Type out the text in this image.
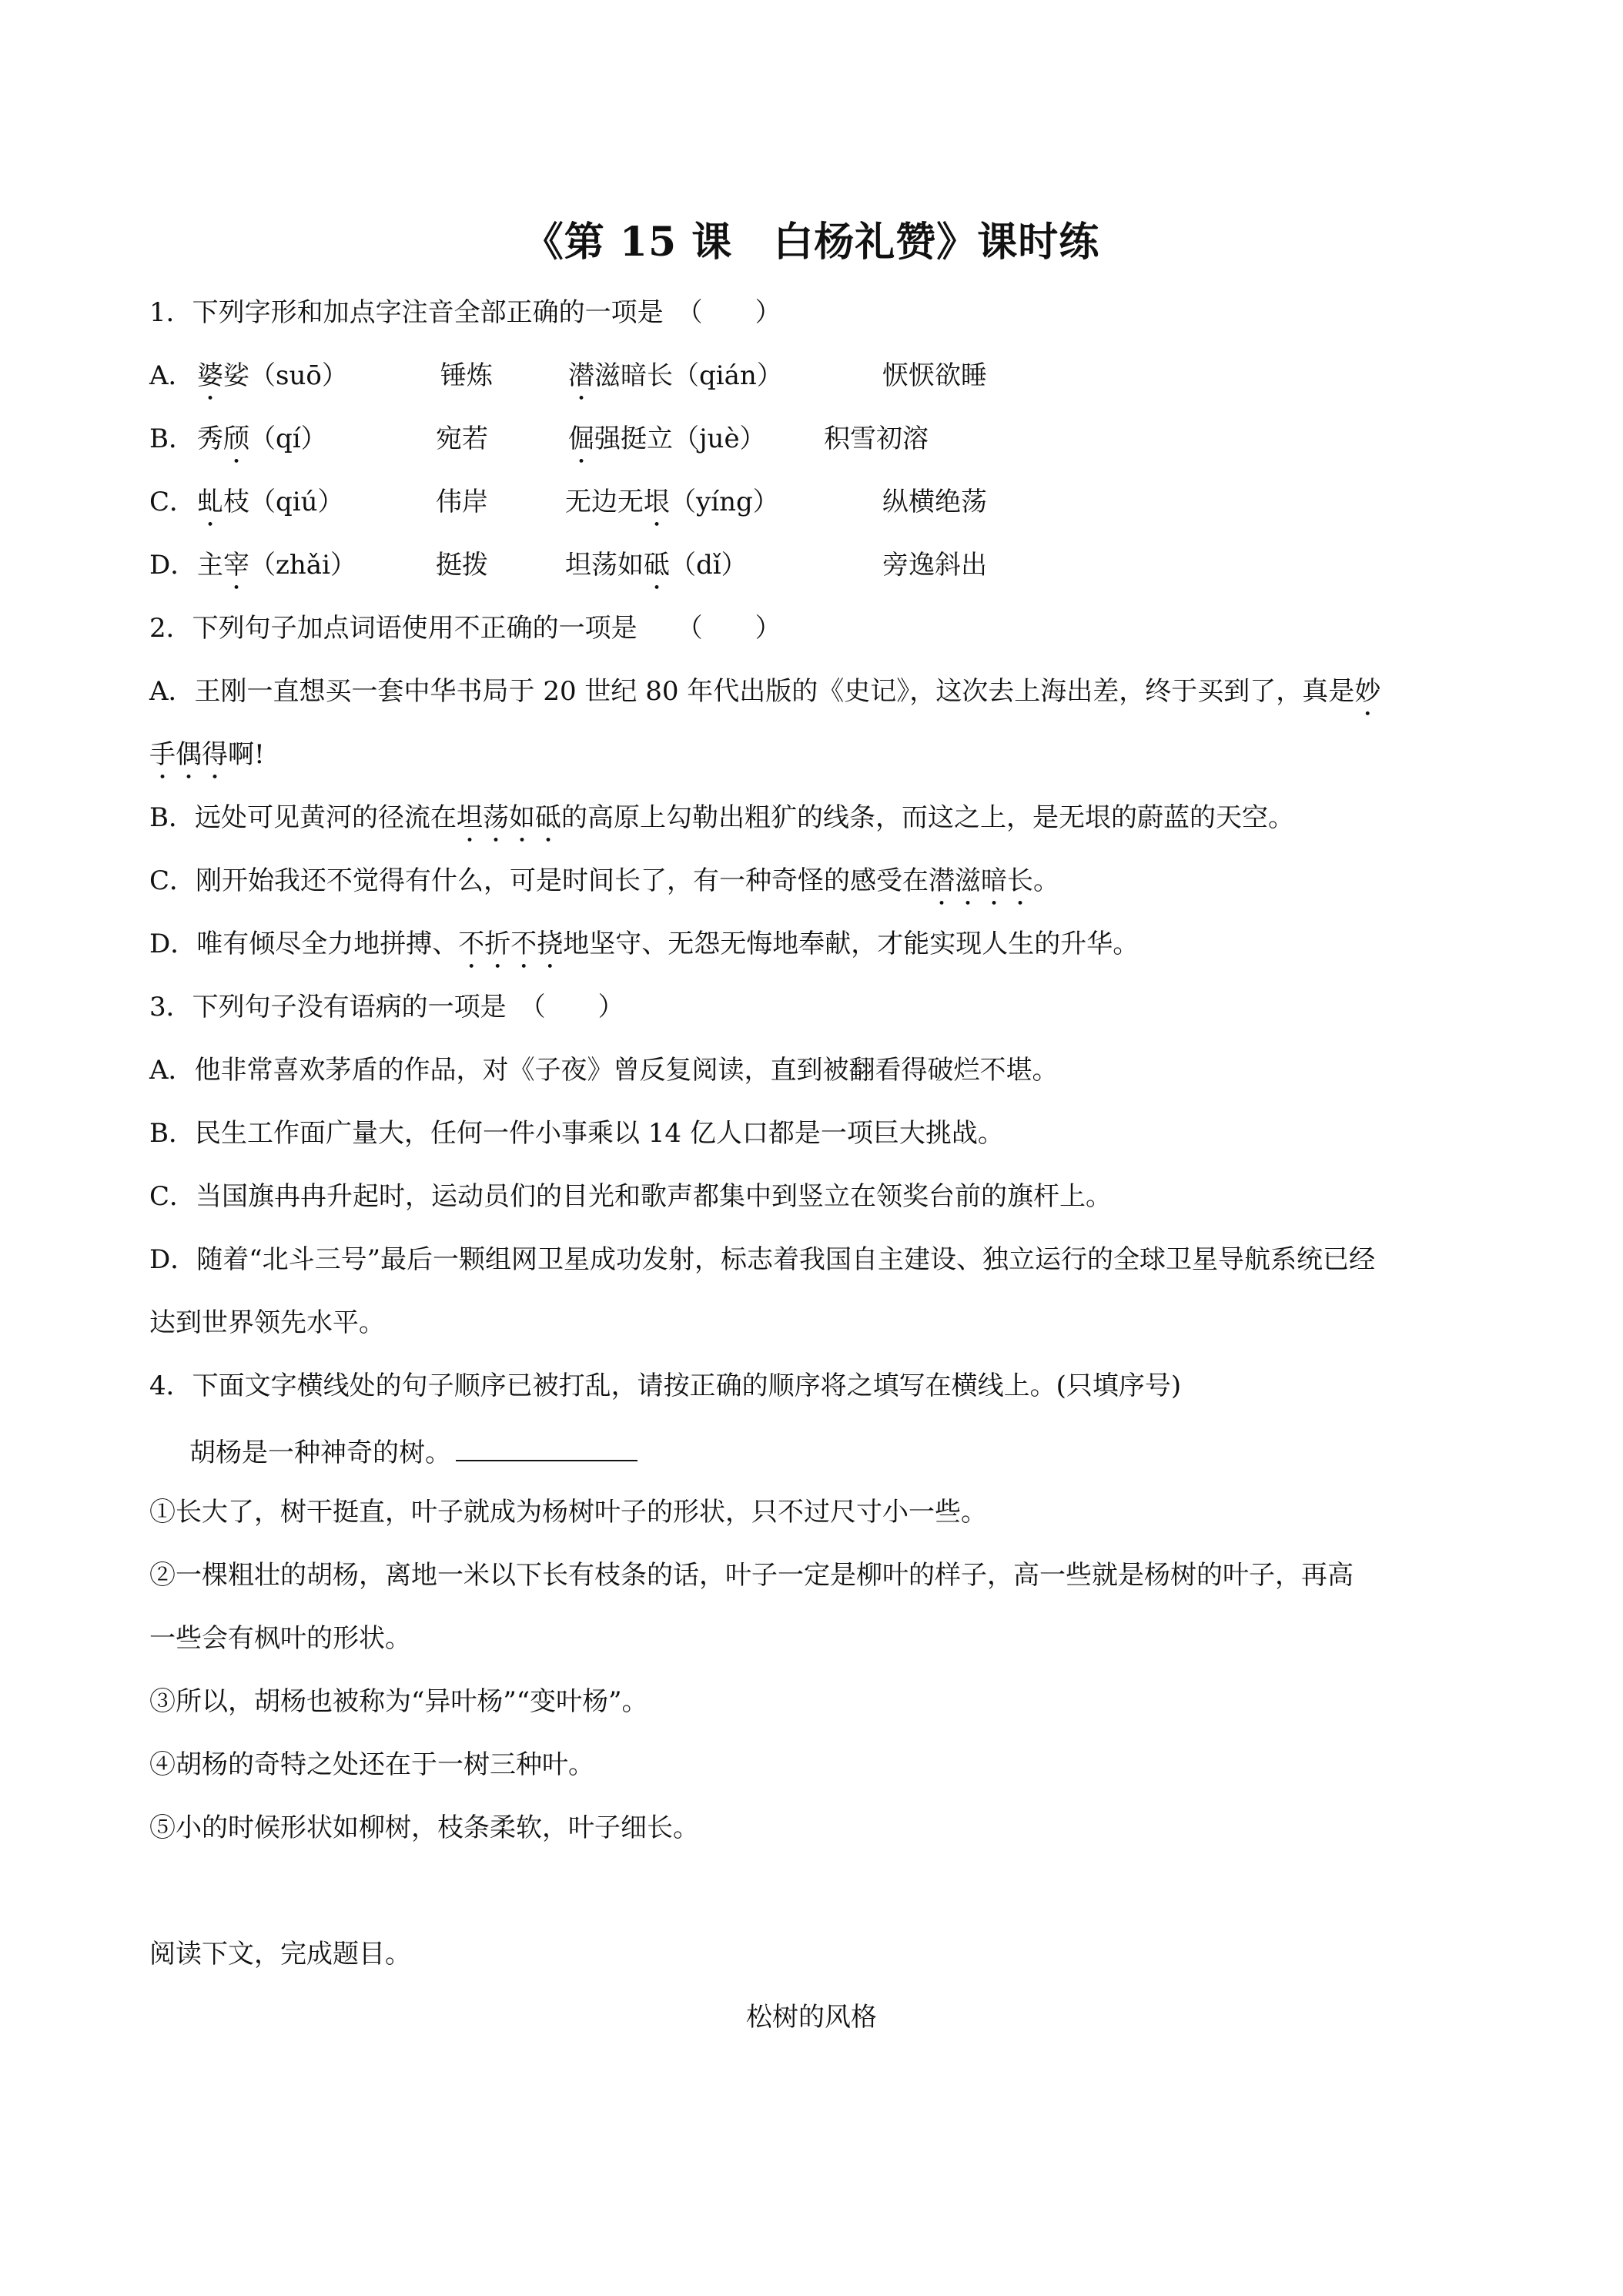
《第 15 课　白杨礼赞》课时练
1．下列字形和加点字注音全部正确的一项是　（　　）
A． 婆娑（suō）	锤炼	潜滋暗长（qián）	恹恹欲睡
B． 秀颀（qí）	宛若	倔强挺立（juè） 积雪初溶
C． 虬枝（qiú）	伟岸	无边无垠（yíng）	纵横绝荡
D． 主宰（zhǎi）	挺拨	坦荡如砥（dǐ）	旁逸斜出
2．下列句子加点词语使用不正确的一项是　　（　　）
A．王刚一直想买一套中华书局于 20 世纪 80 年代出版的《史记》，这次去上海出差，终于买到了，真是妙
手偶得啊!
B．远处可见黄河的径流在坦荡如砥的高原上勾勒出粗犷的线条，而这之上，是无垠的蔚蓝的天空。
C．刚开始我还不觉得有什么，可是时间长了，有一种奇怪的感受在潜滋暗长。
D．唯有倾尽全力地拼搏、不折不挠地坚守、无怨无悔地奉献，才能实现人生的升华。
3．下列句子没有语病的一项是　（　　）
A．他非常喜欢茅盾的作品，对《子夜》曾反复阅读，直到被翻看得破烂不堪。
B．民生工作面广量大，任何一件小事乘以 14 亿人口都是一项巨大挑战。
C．当国旗冉冉升起时，运动员们的目光和歌声都集中到竖立在领奖台前的旗杆上。
D．随着“北斗三号”最后一颗组网卫星成功发射，标志着我国自主建设、独立运行的全球卫星导航系统已经
达到世界领先水平。
4．下面文字横线处的句子顺序已被打乱，请按正确的顺序将之填写在横线上。(只填序号)
胡杨是一种神奇的树。
①长大了，树干挺直，叶子就成为杨树叶子的形状，只不过尺寸小一些。
②一棵粗壮的胡杨，离地一米以下长有枝条的话，叶子一定是柳叶的样子，高一些就是杨树的叶子，再高
一些会有枫叶的形状。
③所以，胡杨也被称为“异叶杨”“变叶杨”。
④胡杨的奇特之处还在于一树三种叶。
⑤小的时候形状如柳树，枝条柔软，叶子细长。
阅读下文，完成题目。
松树的风格
